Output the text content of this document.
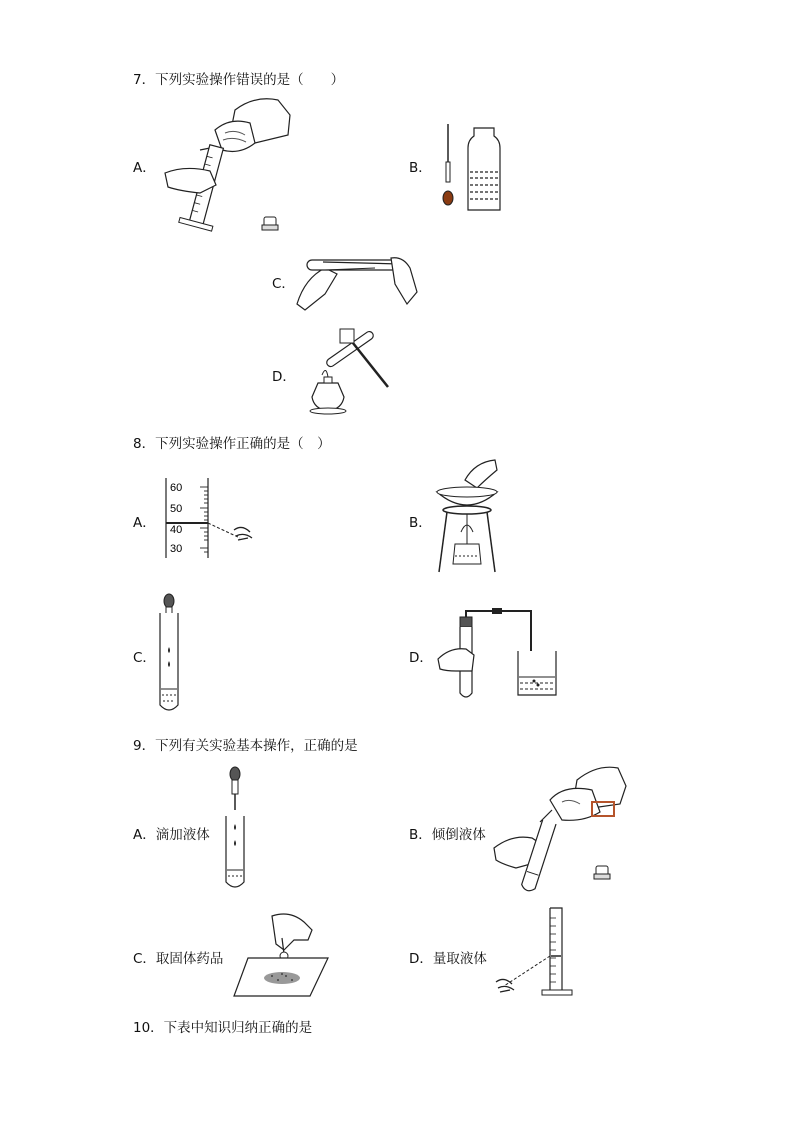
7．下列实验操作错误的是（　　）
A．	B．
C．
D．
8．下列实验操作正确的是（　）
A．
60
50
40
30
B．
C．	D．
9．下列有关实验基本操作，正确的是
A．滴加液体	B．倾倒液体
C．取固体药品	D．量取液体
10．下表中知识归纳正确的是
